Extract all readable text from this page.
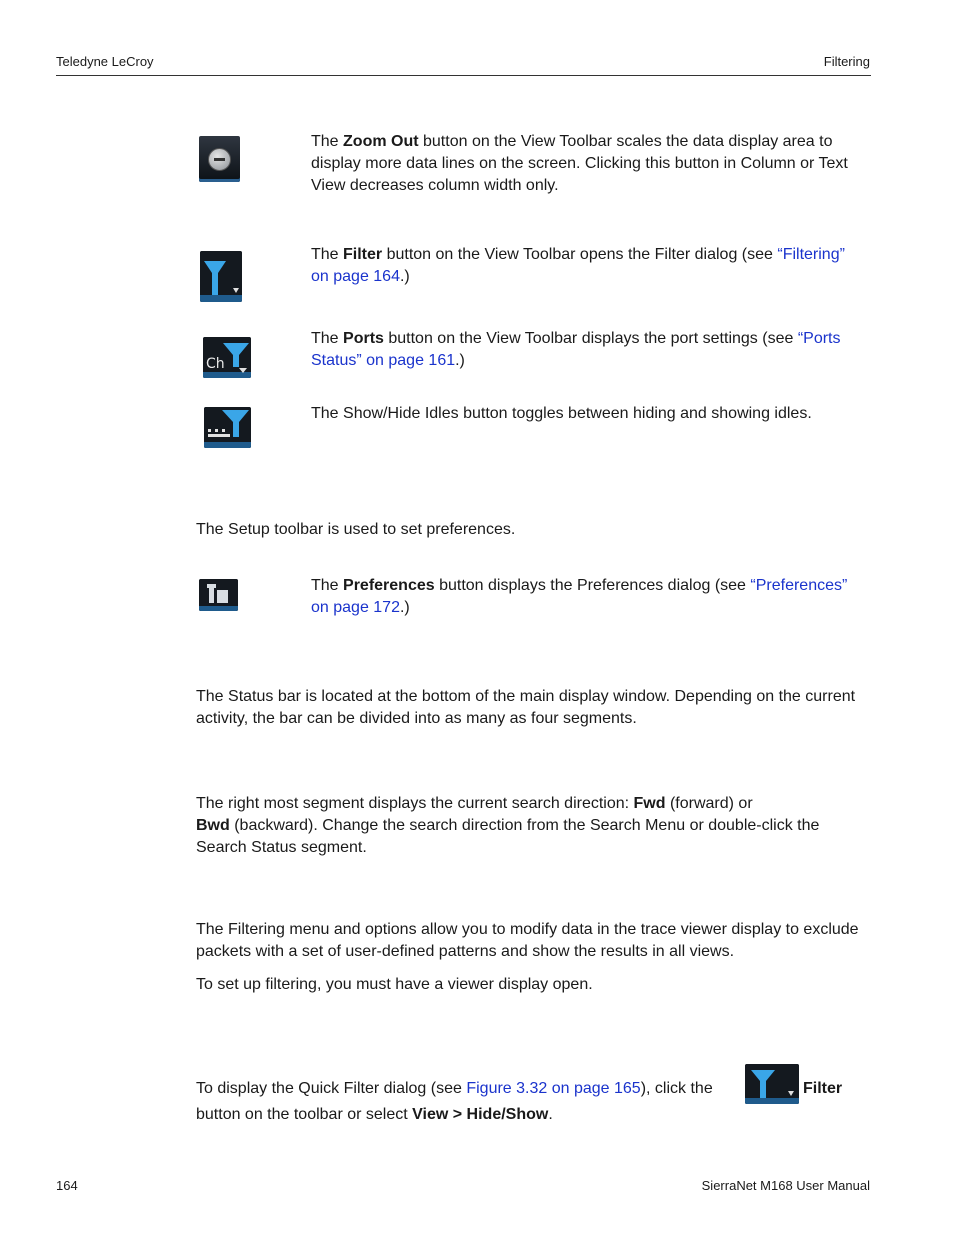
Teledyne LeCroy	Filtering
The Zoom Out button on the View Toolbar scales the data display area to display more data lines on the screen. Clicking this button in Column or Text View decreases column width only.
The Filter button on the View Toolbar opens the Filter dialog (see “Filtering” on page 164.)
Ch
The Ports button on the View Toolbar displays the port settings (see “Ports Status” on page 161.)
The Show/Hide Idles button toggles between hiding and showing idles.
The Setup toolbar is used to set preferences.
The Preferences button displays the Preferences dialog (see “Preferences” on page 172.)
The Status bar is located at the bottom of the main display window. Depending on the current activity, the bar can be divided into as many as four segments.
The right most segment displays the current search direction: Fwd (forward) or
Bwd (backward). Change the search direction from the Search Menu or double-click the Search Status segment.
The Filtering menu and options allow you to modify data in the trace viewer display to exclude packets with a set of user-defined patterns and show the results in all views.
To set up filtering, you must have a viewer display open.
To display the Quick Filter dialog (see Figure 3.32 on page 165), click the	Filter
button on the toolbar or select View > Hide/Show.
164	SierraNet M168 User Manual
